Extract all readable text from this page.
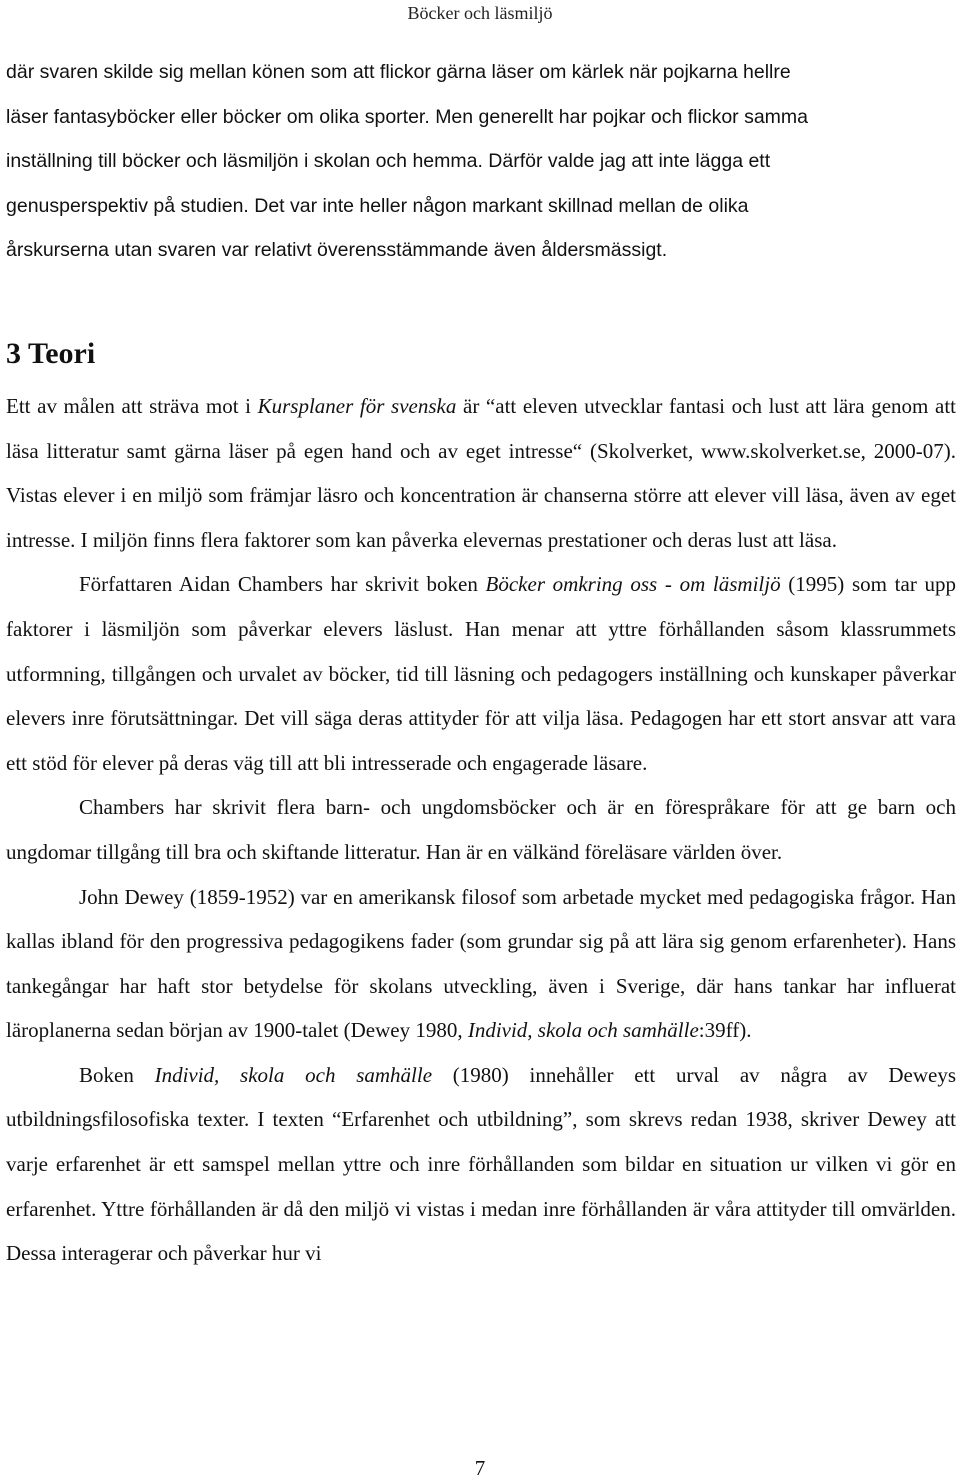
Böcker och läsmiljö
där svaren skilde sig mellan könen som att flickor gärna läser om kärlek när pojkarna hellre
läser fantasyböcker eller böcker om olika sporter. Men generellt har pojkar och flickor samma
inställning till böcker och läsmiljön i skolan och hemma. Därför valde jag att inte lägga ett
genusperspektiv på studien. Det var inte heller någon markant skillnad mellan de olika
årskurserna utan svaren var relativt överensstämmande även åldersmässigt.
3 Teori

Ett av målen att sträva mot i Kursplaner för svenska är “att eleven utvecklar fantasi och lust att lära genom att läsa litteratur samt gärna läser på egen hand och av eget intresse“ (Skolverket, www.skolverket.se, 2000-07). Vistas elever i en miljö som främjar läsro och koncentration är chanserna större att elever vill läsa, även av eget intresse. I miljön finns flera faktorer som kan påverka elevernas prestationer och deras lust att läsa.

Författaren Aidan Chambers har skrivit boken Böcker omkring oss - om läsmiljö (1995) som tar upp faktorer i läsmiljön som påverkar elevers läslust. Han menar att yttre förhållanden såsom klassrummets utformning, tillgången och urvalet av böcker, tid till läsning och pedagogers inställning och kunskaper påverkar elevers inre förutsättningar. Det vill säga deras attityder för att vilja läsa. Pedagogen har ett stort ansvar att vara ett stöd för elever på deras väg till att bli intresserade och engagerade läsare.

Chambers har skrivit flera barn- och ungdomsböcker och är en förespråkare för att ge barn och ungdomar tillgång till bra och skiftande litteratur. Han är en välkänd föreläsare världen över.

John Dewey (1859-1952) var en amerikansk filosof som arbetade mycket med pedagogiska frågor. Han kallas ibland för den progressiva pedagogikens fader (som grundar sig på att lära sig genom erfarenheter). Hans tankegångar har haft stor betydelse för skolans utveckling, även i Sverige, där hans tankar har influerat läroplanerna sedan början av 1900-talet (Dewey 1980, Individ, skola och samhälle:39ff).

Boken Individ, skola och samhälle (1980) innehåller ett urval av några av Deweys utbildningsfilosofiska texter. I texten “Erfarenhet och utbildning”, som skrevs redan 1938, skriver Dewey att varje erfarenhet är ett samspel mellan yttre och inre förhållanden som bildar en situation ur vilken vi gör en erfarenhet. Yttre förhållanden är då den miljö vi vistas i medan inre förhållanden är våra attityder till omvärlden. Dessa interagerar och påverkar hur vi

7
